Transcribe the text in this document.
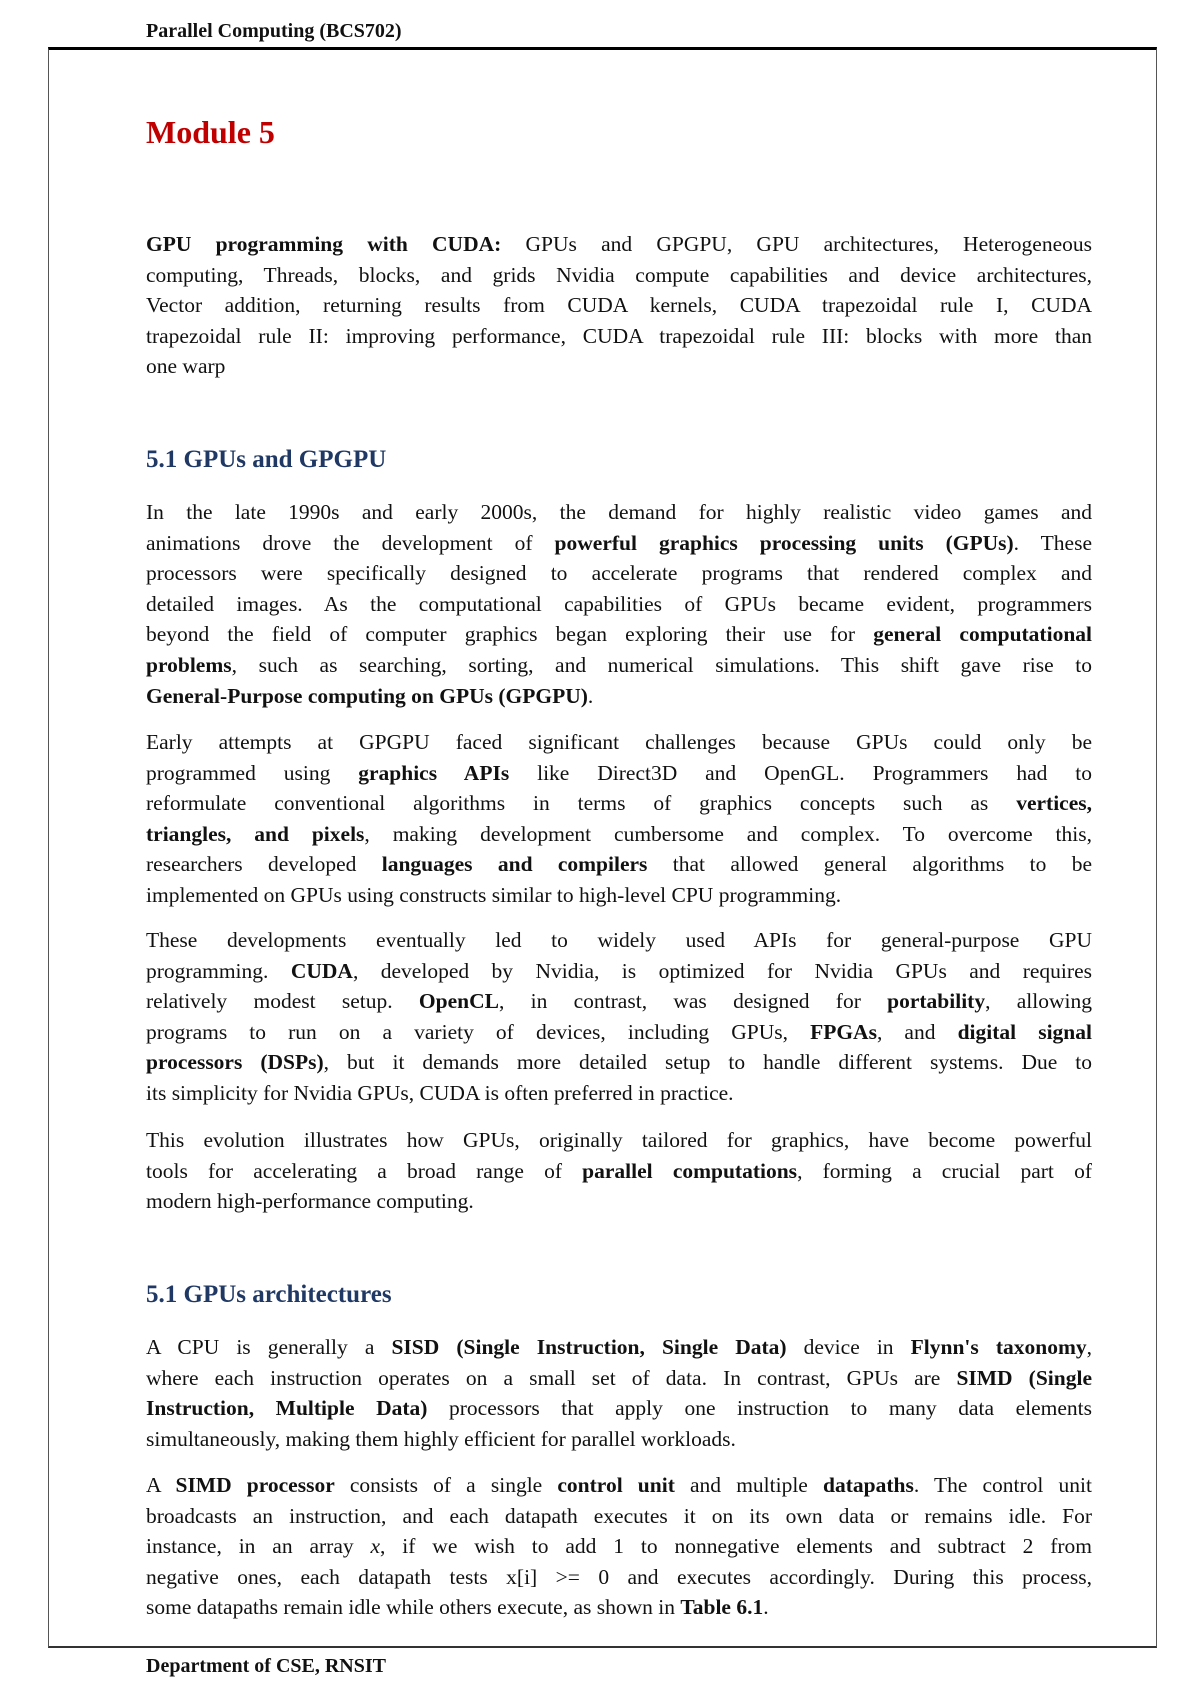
Parallel Computing (BCS702)
Module 5
GPU programming with CUDA: GPUs and GPGPU, GPU architectures, Heterogeneous
computing, Threads, blocks, and grids Nvidia compute capabilities and device architectures,
Vector addition, returning results from CUDA kernels, CUDA trapezoidal rule I, CUDA
trapezoidal rule II: improving performance, CUDA trapezoidal rule III: blocks with more than
one warp
5.1 GPUs and GPGPU
In the late 1990s and early 2000s, the demand for highly realistic video games and
animations drove the development of powerful graphics processing units (GPUs). These
processors were specifically designed to accelerate programs that rendered complex and
detailed images. As the computational capabilities of GPUs became evident, programmers
beyond the field of computer graphics began exploring their use for general computational
problems, such as searching, sorting, and numerical simulations. This shift gave rise to
General-Purpose computing on GPUs (GPGPU).
Early attempts at GPGPU faced significant challenges because GPUs could only be
programmed using graphics APIs like Direct3D and OpenGL. Programmers had to
reformulate conventional algorithms in terms of graphics concepts such as vertices,
triangles, and pixels, making development cumbersome and complex. To overcome this,
researchers developed languages and compilers that allowed general algorithms to be
implemented on GPUs using constructs similar to high-level CPU programming.
These developments eventually led to widely used APIs for general-purpose GPU
programming. CUDA, developed by Nvidia, is optimized for Nvidia GPUs and requires
relatively modest setup. OpenCL, in contrast, was designed for portability, allowing
programs to run on a variety of devices, including GPUs, FPGAs, and digital signal
processors (DSPs), but it demands more detailed setup to handle different systems. Due to
its simplicity for Nvidia GPUs, CUDA is often preferred in practice.
This evolution illustrates how GPUs, originally tailored for graphics, have become powerful
tools for accelerating a broad range of parallel computations, forming a crucial part of
modern high-performance computing.
5.1 GPUs architectures
A CPU is generally a SISD (Single Instruction, Single Data) device in Flynn's taxonomy,
where each instruction operates on a small set of data. In contrast, GPUs are SIMD (Single
Instruction, Multiple Data) processors that apply one instruction to many data elements
simultaneously, making them highly efficient for parallel workloads.
A SIMD processor consists of a single control unit and multiple datapaths. The control unit
broadcasts an instruction, and each datapath executes it on its own data or remains idle. For
instance, in an array x, if we wish to add 1 to nonnegative elements and subtract 2 from
negative ones, each datapath tests x[i] >= 0 and executes accordingly. During this process,
some datapaths remain idle while others execute, as shown in Table 6.1.
Department of CSE, RNSIT
